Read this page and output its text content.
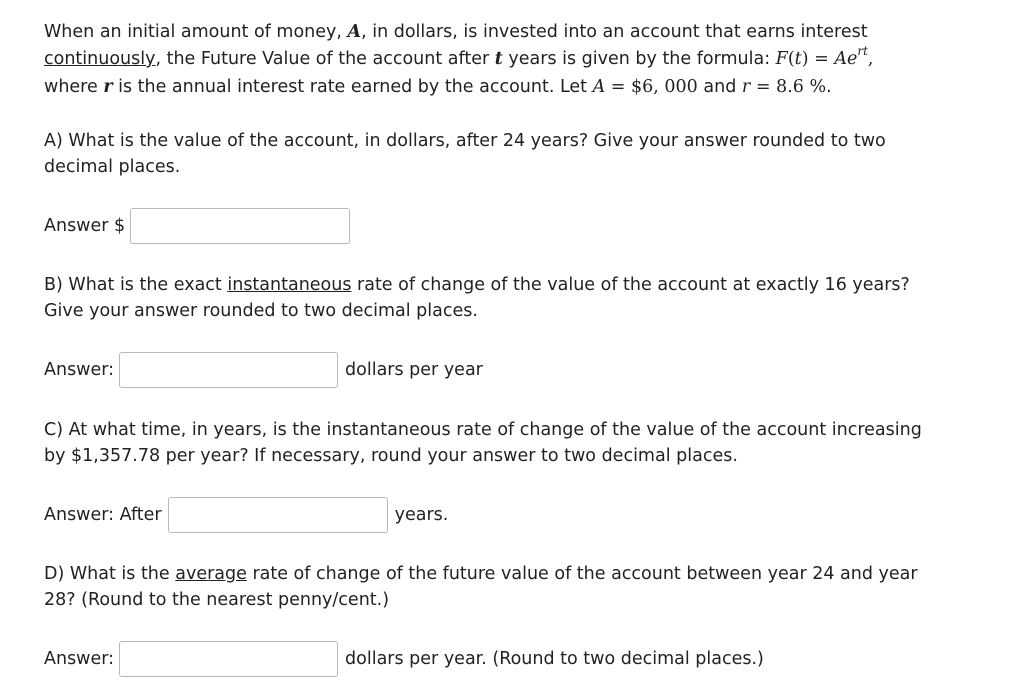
When an initial amount of money, A, in dollars, is invested into an account that earns interest
continuously, the Future Value of the account after t years is given by the formula: $F(t) = Ae^{rt}$,
where r is the annual interest rate earned by the account. Let A = $6, 000 and r = 8.6 %.
A) What is the value of the account, in dollars, after 24 years? Give your answer rounded to two
decimal places.
Answer $
B) What is the exact instantaneous rate of change of the value of the account at exactly 16 years?
Give your answer rounded to two decimal places.
Answer:	dollars per year
C) At what time, in years, is the instantaneous rate of change of the value of the account increasing
by $1,357.78 per year? If necessary, round your answer to two decimal places.
Answer: After	years.
D) What is the average rate of change of the future value of the account between year 24 and year
28? (Round to the nearest penny/cent.)
Answer:	dollars per year. (Round to two decimal places.)
